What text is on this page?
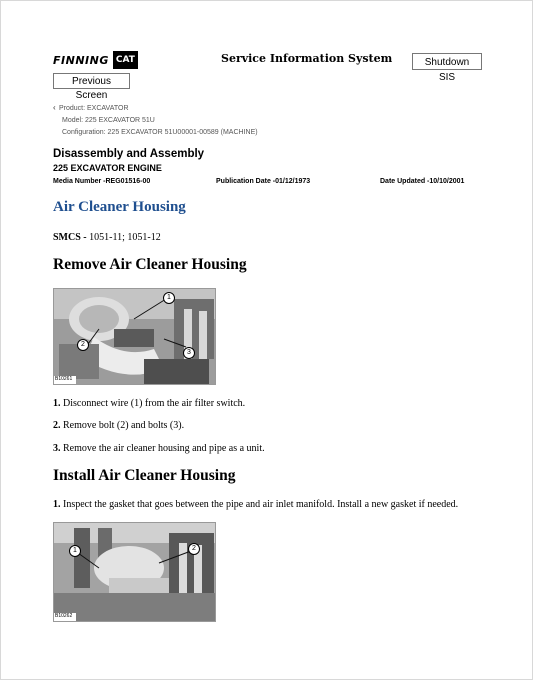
FINNING CAT	Service Information System	Shutdown SIS
Previous Screen
‹ Product: EXCAVATOR
Model: 225 EXCAVATOR 51U
Configuration: 225 EXCAVATOR 51U00001-00589 (MACHINE)
Disassembly and Assembly
225 EXCAVATOR ENGINE
Media Number -REG01516-00	Publication Date -01/12/1973	Date Updated -10/10/2001
Air Cleaner Housing
SMCS - 1051-11; 1051-12
Remove Air Cleaner Housing
1
2
3
B10261
1. Disconnect wire (1) from the air filter switch.
2. Remove bolt (2) and bolts (3).
3. Remove the air cleaner housing and pipe as a unit.
Install Air Cleaner Housing
1. Inspect the gasket that goes between the pipe and air inlet manifold. Install a new gasket if needed.
1	2
B10262
